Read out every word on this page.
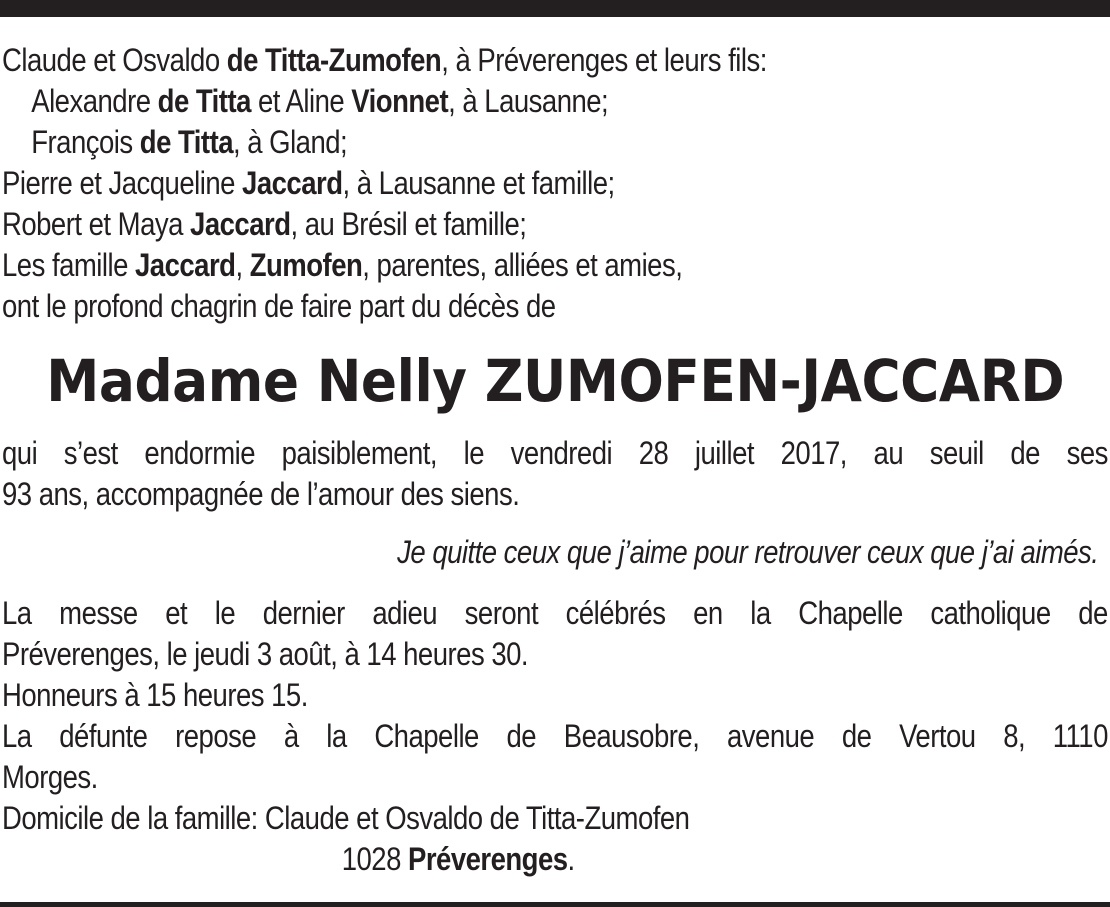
Claude et Osvaldo de Titta-Zumofen, à Préverenges et leurs fils:
Alexandre de Titta et Aline Vionnet, à Lausanne;
François de Titta, à Gland;
Pierre et Jacqueline Jaccard, à Lausanne et famille;
Robert et Maya Jaccard, au Brésil et famille;
Les famille Jaccard, Zumofen, parentes, alliées et amies,
ont le profond chagrin de faire part du décès de
Madame Nelly ZUMOFEN-JACCARD
qui s’est endormie paisiblement, le vendredi 28 juillet 2017, au seuil de ses
93 ans, accompagnée de l’amour des siens.
Je quitte ceux que j’aime pour retrouver ceux que j’ai aimés.
La messe et le dernier adieu seront célébrés en la Chapelle catholique de
Préverenges, le jeudi 3 août, à 14 heures 30.
Honneurs à 15 heures 15.
La défunte repose à la Chapelle de Beausobre, avenue de Vertou 8, 1110
Morges.
Domicile de la famille: Claude et Osvaldo de Titta-Zumofen
1028 Préverenges.
